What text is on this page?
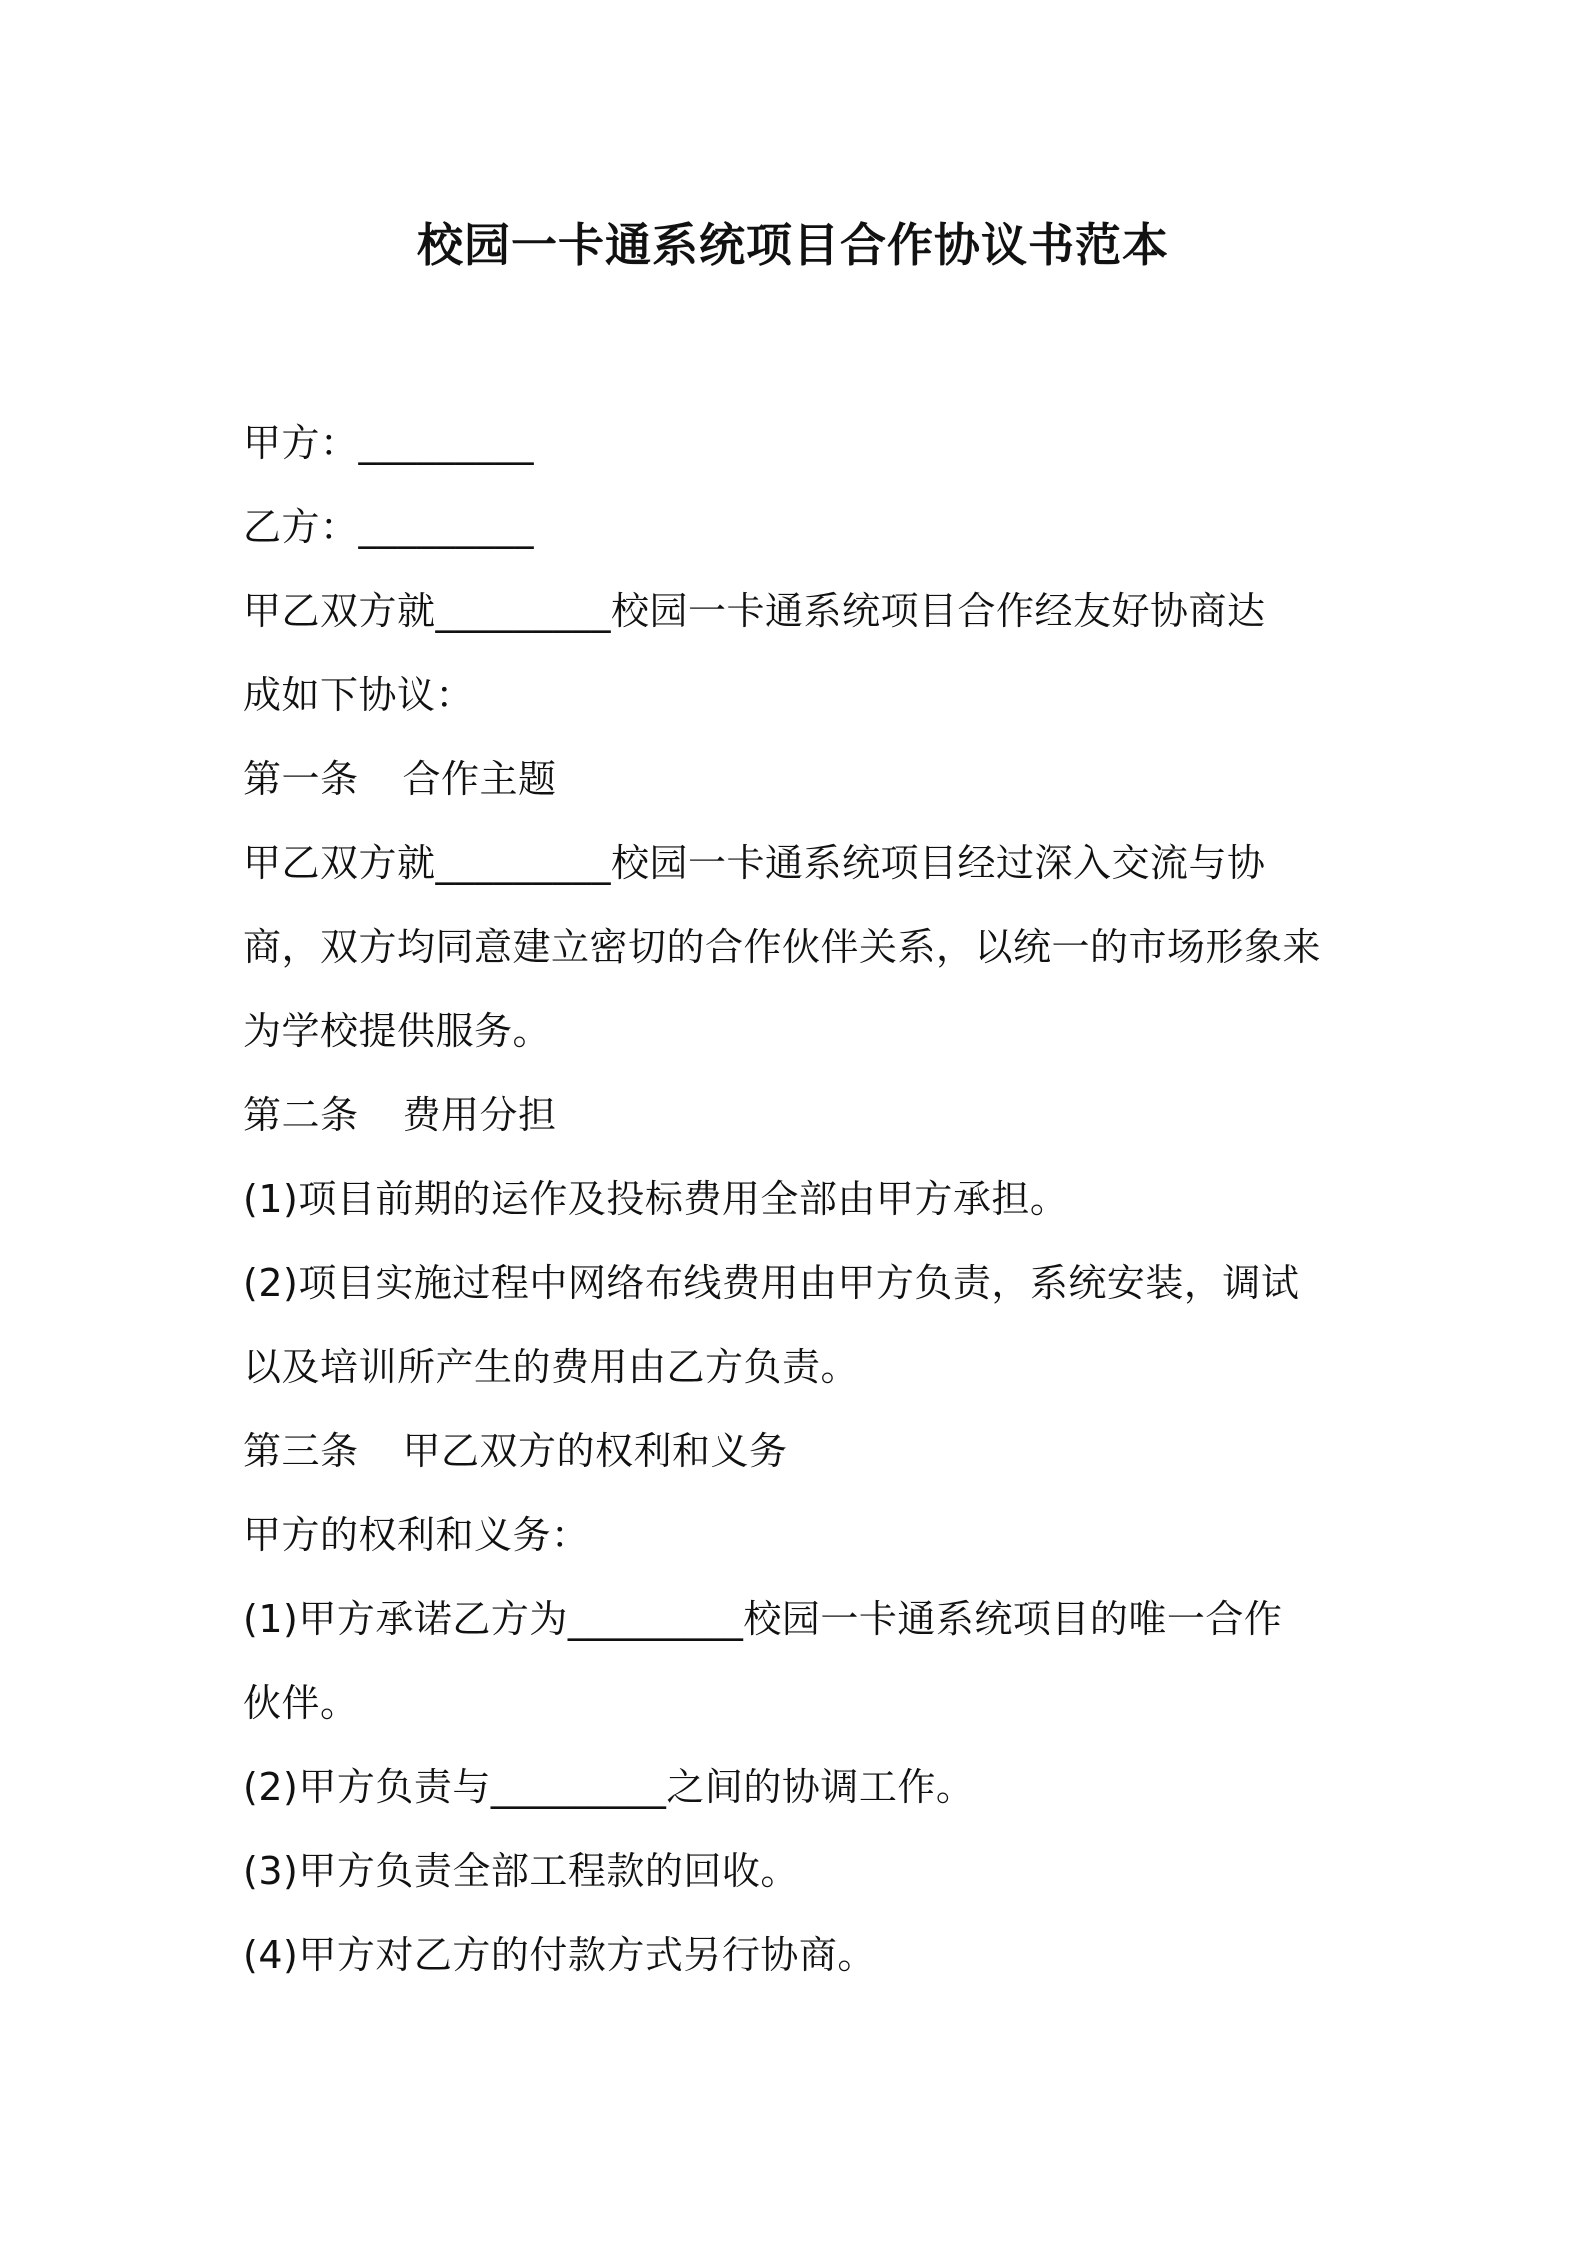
校园一卡通系统项目合作协议书范本
甲方：_________
乙方：_________
甲乙双方就_________校园一卡通系统项目合作经友好协商达
成如下协议：
第一条 合作主题
甲乙双方就_________校园一卡通系统项目经过深入交流与协
商，双方均同意建立密切的合作伙伴关系，以统一的市场形象来
为学校提供服务。
第二条 费用分担
(1)项目前期的运作及投标费用全部由甲方承担。
(2)项目实施过程中网络布线费用由甲方负责，系统安装，调试
以及培训所产生的费用由乙方负责。
第三条 甲乙双方的权利和义务
甲方的权利和义务：
(1)甲方承诺乙方为_________校园一卡通系统项目的唯一合作
伙伴。
(2)甲方负责与_________之间的协调工作。
(3)甲方负责全部工程款的回收。
(4)甲方对乙方的付款方式另行协商。
